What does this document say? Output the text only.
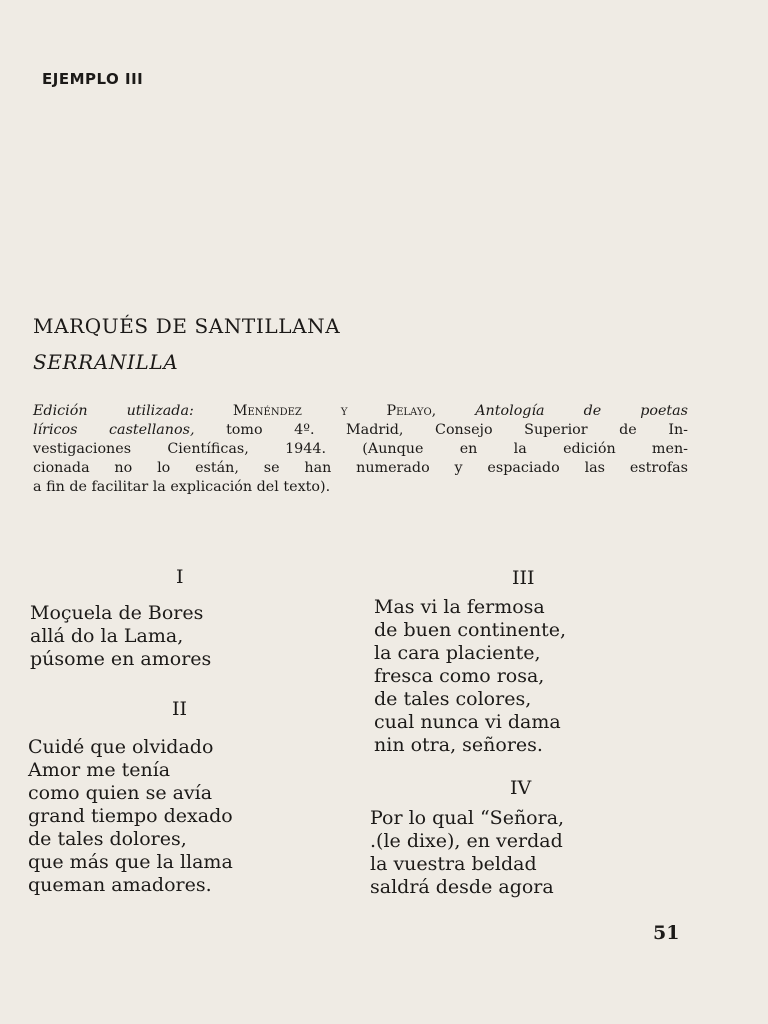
EJEMPLO III
MARQUÉS DE SANTILLANA
SERRANILLA
Edición utilizada:	Menéndez y Pelayo,	Antología de poetas
líricos castellanos, tomo 4º. Madrid, Consejo Superior de In-
vestigaciones Científicas, 1944. (Aunque en la edición men-
cionada no lo están, se han numerado y espaciado las estrofas
a fin de facilitar la explicación del texto).
I
Moçuela de Bores
allá do la Lama,
púsome en amores
II
Cuidé que olvidado
Amor me tenía
como quien se avía
grand tiempo dexado
de tales dolores,
que más que la llama
queman amadores.
III
Mas vi la fermosa
de buen continente,
la cara placiente,
fresca como rosa,
de tales colores,
cual nunca vi dama
nin otra, señores.
IV
Por lo qual “Señora,
.(le dixe), en verdad
la vuestra beldad
saldrá desde agora
51
